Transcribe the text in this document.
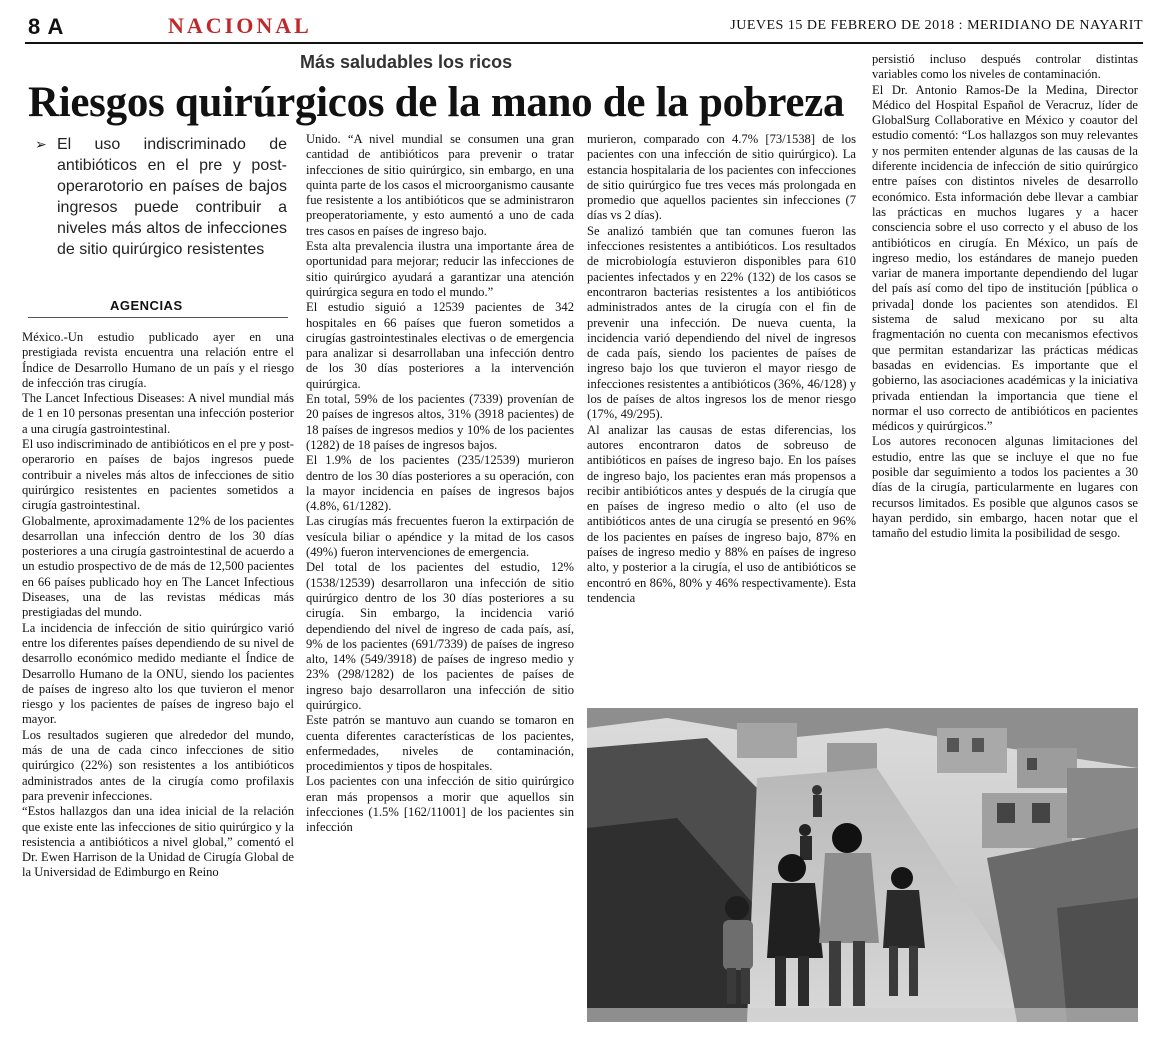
8 A	NACIONAL	JUEVES 15 DE FEBRERO DE 2018 : MERIDIANO DE NAYARIT
Más saludables los ricos
Riesgos quirúrgicos de la mano de la pobreza
➢ El uso indiscriminado de antibióticos en el pre y post-operarotorio en países de bajos ingresos puede contribuir a niveles más altos de infecciones de sitio quirúrgico resistentes
AGENCIAS

México.-Un estudio publicado ayer en una prestigiada revista encuentra una relación entre el Índice de Desarrollo Humano de un país y el riesgo de infección tras cirugía.

The Lancet Infectious Diseases: A nivel mundial más de 1 en 10 personas presentan una infección posterior a una cirugía gastrointestinal.

El uso indiscriminado de antibióticos en el pre y post-operarorio en países de bajos ingresos puede contribuir a niveles más altos de infecciones de sitio quirúrgico resistentes en pacientes sometidos a cirugía gastrointestinal.

Globalmente, aproximadamente 12% de los pacientes desarrollan una infección dentro de los 30 días posteriores a una cirugía gastrointestinal de acuerdo a un estudio prospectivo de de más de 12,500 pacientes en 66 países publicado hoy en The Lancet Infectious Diseases, una de las revistas médicas más prestigiadas del mundo.

La incidencia de infección de sitio quirúrgico varió entre los diferentes países dependiendo de su nivel de desarrollo económico medido mediante el Índice de Desarrollo Humano de la ONU, siendo los pacientes de países de ingreso alto los que tuvieron el menor riesgo y los pacientes de países de ingreso bajo el mayor.

Los resultados sugieren que alrededor del mundo, más de una de cada cinco infecciones de sitio quirúrgico (22%) son resistentes a los antibióticos administrados antes de la cirugía como profilaxis para prevenir infecciones.

“Estos hallazgos dan una idea inicial de la relación que existe ente las infecciones de sitio quirúrgico y la resistencia a antibióticos a nivel global,” comentó el Dr. Ewen Harrison de la Unidad de Cirugía Global de la Universidad de Edimburgo en Reino

Unido. “A nivel mundial se consumen una gran cantidad de antibióticos para prevenir o tratar infecciones de sitio quirúrgico, sin embargo, en una quinta parte de los casos el microorganismo causante fue resistente a los antibióticos que se administraron preoperatoriamente, y esto aumentó a uno de cada tres casos en países de ingreso bajo.

Esta alta prevalencia ilustra una importante área de oportunidad para mejorar; reducir las infecciones de sitio quirúrgico ayudará a garantizar una atención quirúrgica segura en todo el mundo.”

El estudio siguió a 12539 pacientes de 342 hospitales en 66 países que fueron sometidos a cirugías gastrointestinales electivas o de emergencia para analizar si desarrollaban una infección dentro de los 30 días posteriores a la intervención quirúrgica.

En total, 59% de los pacientes (7339) provenían de 20 países de ingresos altos, 31% (3918 pacientes) de 18 países de ingresos medios y 10% de los pacientes (1282) de 18 países de ingresos bajos.

El 1.9% de los pacientes (235/12539) murieron dentro de los 30 días posteriores a su operación, con la mayor incidencia en países de ingresos bajos (4.8%, 61/1282).

Las cirugías más frecuentes fueron la extirpación de vesícula biliar o apéndice y la mitad de los casos (49%) fueron intervenciones de emergencia.

Del total de los pacientes del estudio, 12% (1538/12539) desarrollaron una infección de sitio quirúrgico dentro de los 30 días posteriores a su cirugía. Sin embargo, la incidencia varió dependiendo del nivel de ingreso de cada país, así, 9% de los pacientes (691/7339) de países de ingreso alto, 14% (549/3918) de países de ingreso medio y 23% (298/1282) de los pacientes de países de ingreso bajo desarrollaron una infección de sitio quirúrgico.

Este patrón se mantuvo aun cuando se tomaron en cuenta diferentes características de los pacientes, enfermedades, niveles de contaminación, procedimientos y tipos de hospitales.

Los pacientes con una infección de sitio quirúrgico eran más propensos a morir que aquellos sin infecciones (1.5% [162/11001] de los pacientes sin infección

murieron, comparado con 4.7% [73/1538] de los pacientes con una infección de sitio quirúrgico). La estancia hospitalaria de los pacientes con infecciones de sitio quirúrgico fue tres veces más prolongada en promedio que aquellos pacientes sin infecciones (7 días vs 2 días).

Se analizó también que tan comunes fueron las infecciones resistentes a antibióticos. Los resultados de microbiología estuvieron disponibles para 610 pacientes infectados y en 22% (132) de los casos se encontraron bacterias resistentes a los antibióticos administrados antes de la cirugía con el fin de prevenir una infección. De nueva cuenta, la incidencia varió dependiendo del nivel de ingresos de cada país, siendo los pacientes de países de ingreso bajo los que tuvieron el mayor riesgo de infecciones resistentes a antibióticos (36%, 46/128) y los de países de altos ingresos los de menor riesgo (17%, 49/295).

Al analizar las causas de estas diferencias, los autores encontraron datos de sobreuso de antibióticos en países de ingreso bajo. En los países de ingreso bajo, los pacientes eran más propensos a recibir antibióticos antes y después de la cirugía que en países de ingreso medio o alto (el uso de antibióticos antes de una cirugía se presentó en 96% de los pacientes en países de ingreso bajo, 87% en países de ingreso medio y 88% en países de ingreso alto, y posterior a la cirugía, el uso de antibióticos se encontró en 86%, 80% y 46% respectivamente). Esta tendencia

persistió incluso después controlar distintas variables como los niveles de contaminación.

El Dr. Antonio Ramos-De la Medina, Director Médico del Hospital Español de Veracruz, líder de GlobalSurg Collaborative en México y coautor del estudio comentó: “Los hallazgos son muy relevantes y nos permiten entender algunas de las causas de la diferente incidencia de infección de sitio quirúrgico entre países con distintos niveles de desarrollo económico. Esta información debe llevar a cambiar las prácticas en muchos lugares y a hacer consciencia sobre el uso correcto y el abuso de los antibióticos en cirugía. En México, un país de ingreso medio, los estándares de manejo pueden variar de manera importante dependiendo del lugar del país así como del tipo de institución [pública o privada] donde los pacientes son atendidos. El sistema de salud mexicano por su alta fragmentación no cuenta con mecanismos efectivos que permitan estandarizar las prácticas médicas basadas en evidencias. Es importante que el gobierno, las asociaciones académicas y la iniciativa privada entiendan la importancia que tiene el normar el uso correcto de antibióticos en pacientes médicos y quirúrgicos.”

Los autores reconocen algunas limitaciones del estudio, entre las que se incluye el que no fue posible dar seguimiento a todos los pacientes a 30 días de la cirugía, particularmente en lugares con recursos limitados. Es posible que algunos casos se hayan perdido, sin embargo, hacen notar que el tamaño del estudio limita la posibilidad de sesgo.
